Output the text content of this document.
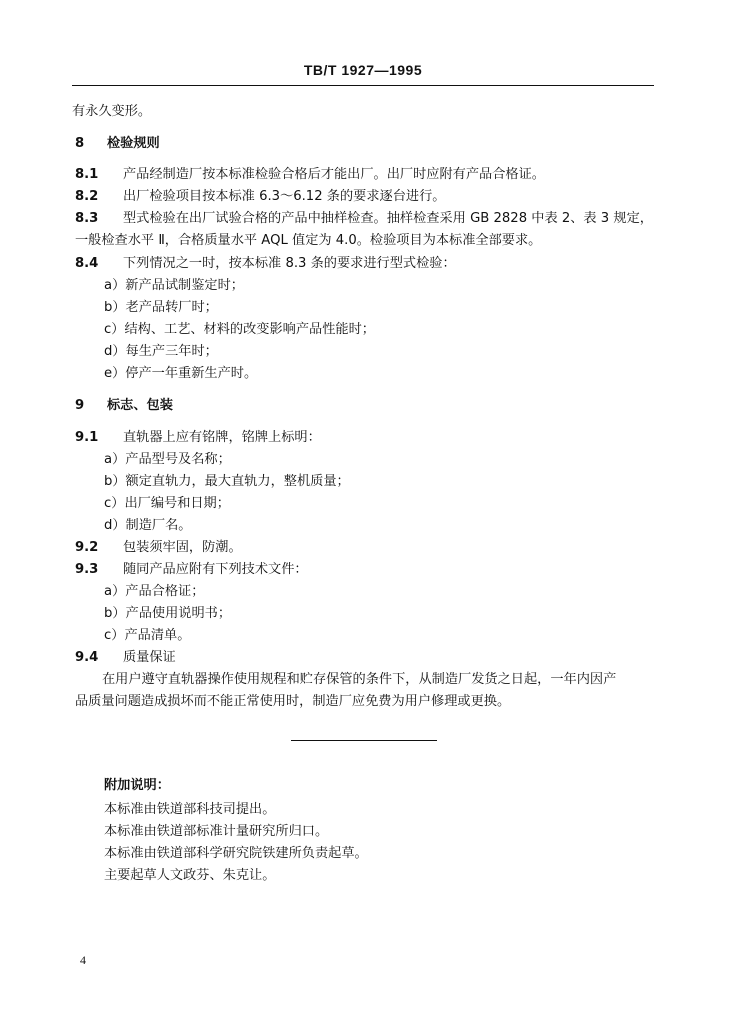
TB/T 1927—1995
有永久变形。
8 检验规则
8.1 产品经制造厂按本标准检验合格后才能出厂。出厂时应附有产品合格证。
8.2 出厂检验项目按本标准 6.3～6.12 条的要求逐台进行。
8.3 型式检验在出厂试验合格的产品中抽样检查。抽样检查采用 GB 2828 中表 2、表 3 规定，
一般检查水平 Ⅱ，合格质量水平 AQL 值定为 4.0。检验项目为本标准全部要求。
8.4 下列情况之一时，按本标准 8.3 条的要求进行型式检验：
a）新产品试制鉴定时；
b）老产品转厂时；
c）结构、工艺、材料的改变影响产品性能时；
d）每生产三年时；
e）停产一年重新生产时。
9 标志、包装
9.1 直轨器上应有铭牌，铭牌上标明：
a）产品型号及名称；
b）额定直轨力，最大直轨力，整机质量；
c）出厂编号和日期；
d）制造厂名。
9.2 包装须牢固，防潮。
9.3 随同产品应附有下列技术文件：
a）产品合格证；
b）产品使用说明书；
c）产品清单。
9.4 质量保证
在用户遵守直轨器操作使用规程和贮存保管的条件下，从制造厂发货之日起，一年内因产
品质量问题造成损坏而不能正常使用时，制造厂应免费为用户修理或更换。
附加说明：
本标准由铁道部科技司提出。
本标准由铁道部标准计量研究所归口。
本标准由铁道部科学研究院铁建所负责起草。
主要起草人文政芬、朱克让。
4
